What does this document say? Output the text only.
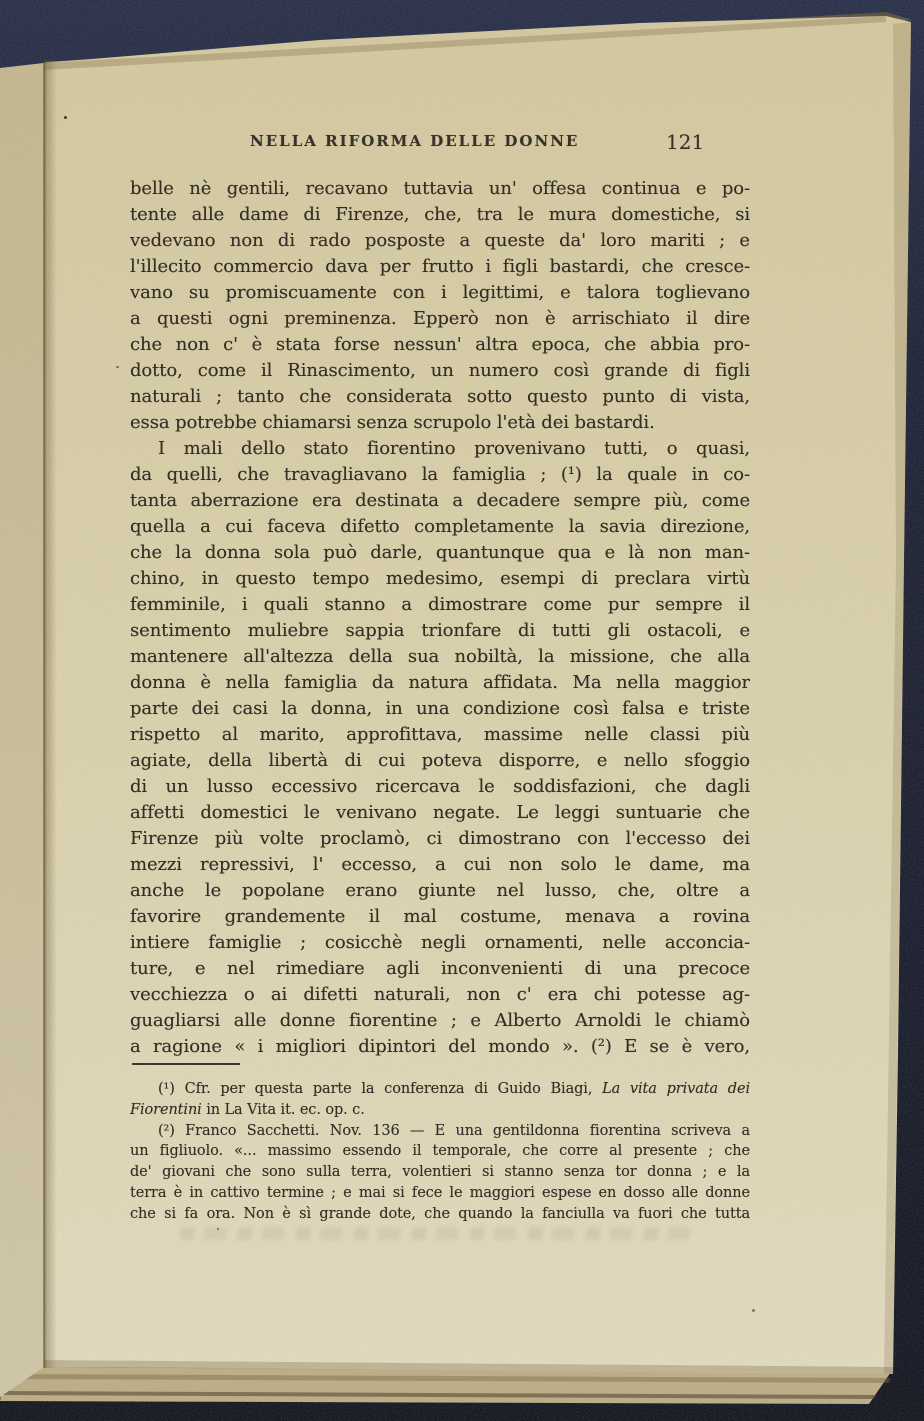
NELLA RIFORMA DELLE DONNE	121
belle nè gentili, recavano tuttavia un' offesa continua e po-
tente alle dame di Firenze, che, tra le mura domestiche, si
vedevano non di rado posposte a queste da' loro mariti ; e
l'illecito commercio dava per frutto i figli bastardi, che cresce-
vano su promiscuamente con i legittimi, e talora toglievano
a questi ogni preminenza. Epperò non è arrischiato il dire
che non c' è stata forse nessun' altra epoca, che abbia pro-
dotto, come il Rinascimento, un numero così grande di figli
naturali ; tanto che considerata sotto questo punto di vista,
essa potrebbe chiamarsi senza scrupolo l'età dei bastardi.
I mali dello stato fiorentino provenivano tutti, o quasi,
da quelli, che travagliavano la famiglia ; (¹) la quale in co-
tanta aberrazione era destinata a decadere sempre più, come
quella a cui faceva difetto completamente la savia direzione,
che la donna sola può darle, quantunque qua e là non man-
chino, in questo tempo medesimo, esempi di preclara virtù
femminile, i quali stanno a dimostrare come pur sempre il
sentimento muliebre sappia trionfare di tutti gli ostacoli, e
mantenere all'altezza della sua nobiltà, la missione, che alla
donna è nella famiglia da natura affidata. Ma nella maggior
parte dei casi la donna, in una condizione così falsa e triste
rispetto al marito, approfittava, massime nelle classi più
agiate, della libertà di cui poteva disporre, e nello sfoggio
di un lusso eccessivo ricercava le soddisfazioni, che dagli
affetti domestici le venivano negate. Le leggi suntuarie che
Firenze più volte proclamò, ci dimostrano con l'eccesso dei
mezzi repressivi, l' eccesso, a cui non solo le dame, ma
anche le popolane erano giunte nel lusso, che, oltre a
favorire grandemente il mal costume, menava a rovina
intiere famiglie ; cosicchè negli ornamenti, nelle acconcia-
ture, e nel rimediare agli inconvenienti di una precoce
vecchiezza o ai difetti naturali, non c' era chi potesse ag-
guagliarsi alle donne fiorentine ; e Alberto Arnoldi le chiamò
a ragione « i migliori dipintori del mondo ». (²) E se è vero,
(¹) Cfr. per questa parte la conferenza di Guido Biagi, La vita privata dei
Fiorentini in La Vita it. ec. op. c.
(²) Franco Sacchetti. Nov. 136 — E una gentildonna fiorentina scriveva a
un figliuolo. «... massimo essendo il temporale, che corre al presente ; che
de' giovani che sono sulla terra, volentieri si stanno senza tor donna ; e la
terra è in cattivo termine ; e mai si fece le maggiori espese en dosso alle donne
che si fa ora. Non è sì grande dote, che quando la fanciulla va fuori che tutta
